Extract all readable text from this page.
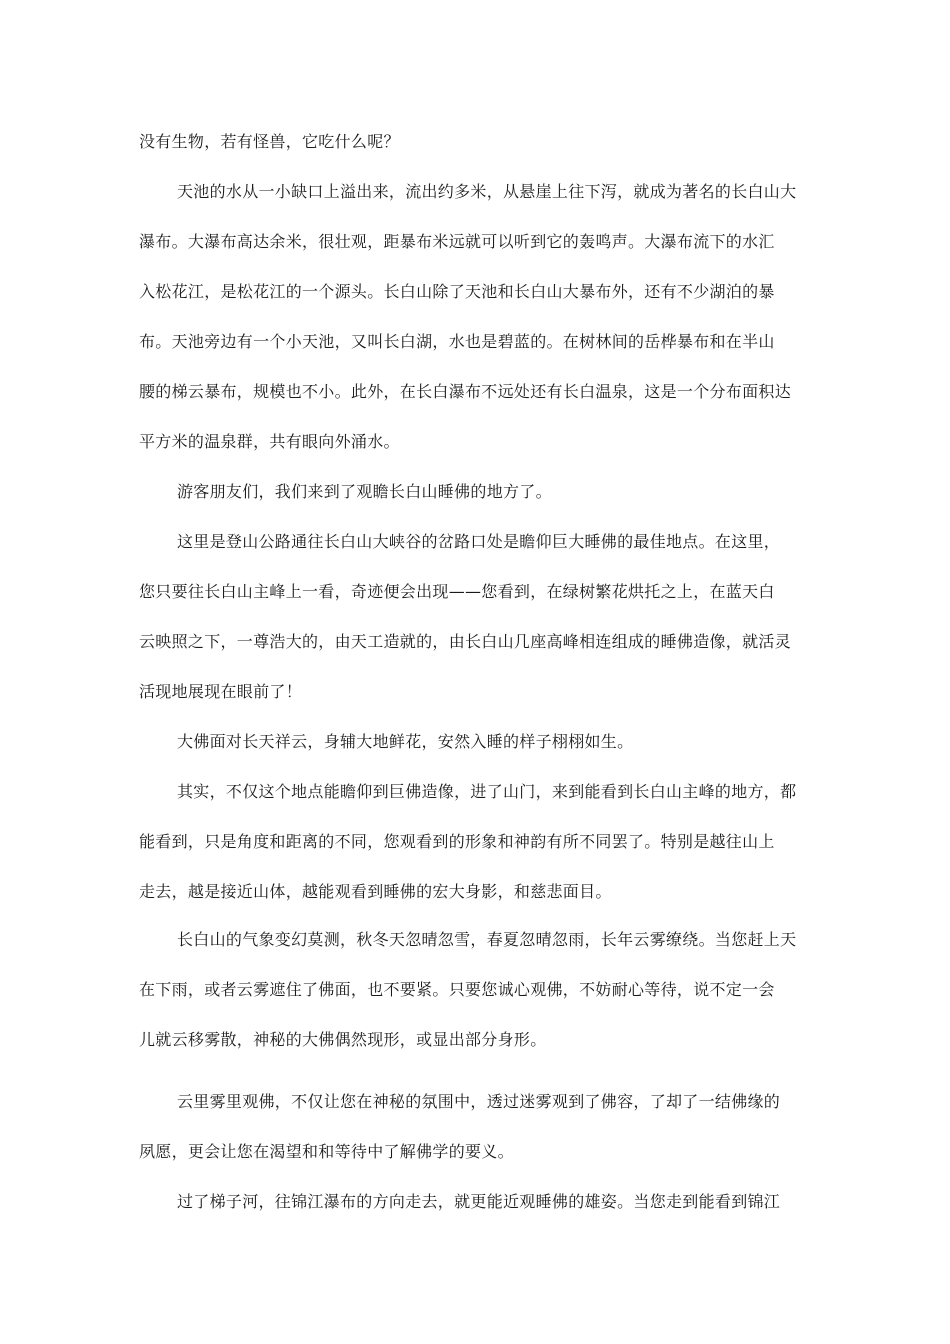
没有生物，若有怪兽，它吃什么呢？
天池的水从一小缺口上溢出来，流出约多米，从悬崖上往下泻，就成为著名的长白山大
瀑布。大瀑布高达余米，很壮观，距暴布米远就可以听到它的轰鸣声。大瀑布流下的水汇
入松花江，是松花江的一个源头。长白山除了天池和长白山大暴布外，还有不少湖泊的暴
布。天池旁边有一个小天池，又叫长白湖，水也是碧蓝的。在树林间的岳桦暴布和在半山
腰的梯云暴布，规模也不小。此外，在长白瀑布不远处还有长白温泉，这是一个分布面积达
平方米的温泉群，共有眼向外涌水。
游客朋友们，我们来到了观瞻长白山睡佛的地方了。
这里是登山公路通往长白山大峡谷的岔路口处是瞻仰巨大睡佛的最佳地点。在这里，
您只要往长白山主峰上一看，奇迹便会出现——您看到，在绿树繁花烘托之上，在蓝天白
云映照之下，一尊浩大的，由天工造就的，由长白山几座高峰相连组成的睡佛造像，就活灵
活现地展现在眼前了！
大佛面对长天祥云，身辅大地鲜花，安然入睡的样子栩栩如生。
其实，不仅这个地点能瞻仰到巨佛造像，进了山门，来到能看到长白山主峰的地方，都
能看到，只是角度和距离的不同，您观看到的形象和神韵有所不同罢了。特别是越往山上
走去，越是接近山体，越能观看到睡佛的宏大身影，和慈悲面目。
长白山的气象变幻莫测，秋冬天忽晴忽雪，春夏忽晴忽雨，长年云雾缭绕。当您赶上天
在下雨，或者云雾遮住了佛面，也不要紧。只要您诚心观佛，不妨耐心等待，说不定一会
儿就云移雾散，神秘的大佛偶然现形，或显出部分身形。
云里雾里观佛，不仅让您在神秘的氛围中，透过迷雾观到了佛容，了却了一结佛缘的
夙愿，更会让您在渴望和和等待中了解佛学的要义。
过了梯子河，往锦江瀑布的方向走去，就更能近观睡佛的雄姿。当您走到能看到锦江
